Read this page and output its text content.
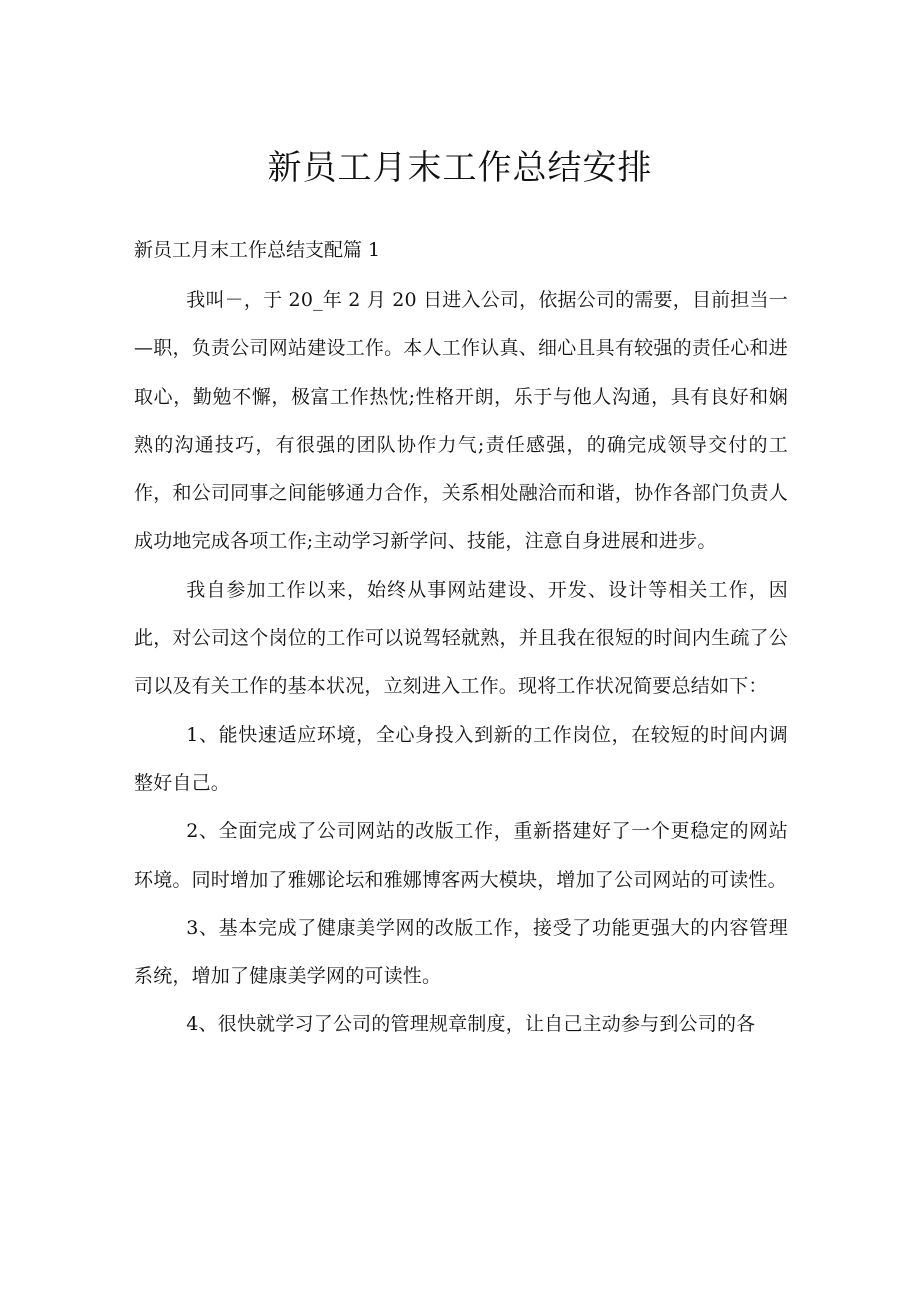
新员工月末工作总结安排

新员工月末工作总结支配篇 1

我叫－，于 20_年 2 月 20 日进入公司，依据公司的需要，目前担当一—职，负责公司网站建设工作。本人工作认真、细心且具有较强的责任心和进取心，勤勉不懈，极富工作热忱;性格开朗，乐于与他人沟通，具有良好和娴熟的沟通技巧，有很强的团队协作力气;责任感强，的确完成领导交付的工作，和公司同事之间能够通力合作，关系相处融洽而和谐，协作各部门负责人成功地完成各项工作;主动学习新学问、技能，注意自身进展和进步。

我自参加工作以来，始终从事网站建设、开发、设计等相关工作，因此，对公司这个岗位的工作可以说驾轻就熟，并且我在很短的时间内生疏了公司以及有关工作的基本状况，立刻进入工作。现将工作状况简要总结如下：

1、能快速适应环境，全心身投入到新的工作岗位，在较短的时间内调整好自己。

2、全面完成了公司网站的改版工作，重新搭建好了一个更稳定的网站环境。同时增加了雅娜论坛和雅娜博客两大模块，增加了公司网站的可读性。

3、基本完成了健康美学网的改版工作，接受了功能更强大的内容管理系统，增加了健康美学网的可读性。

4、很快就学习了公司的管理规章制度，让自己主动参与到公司的各
